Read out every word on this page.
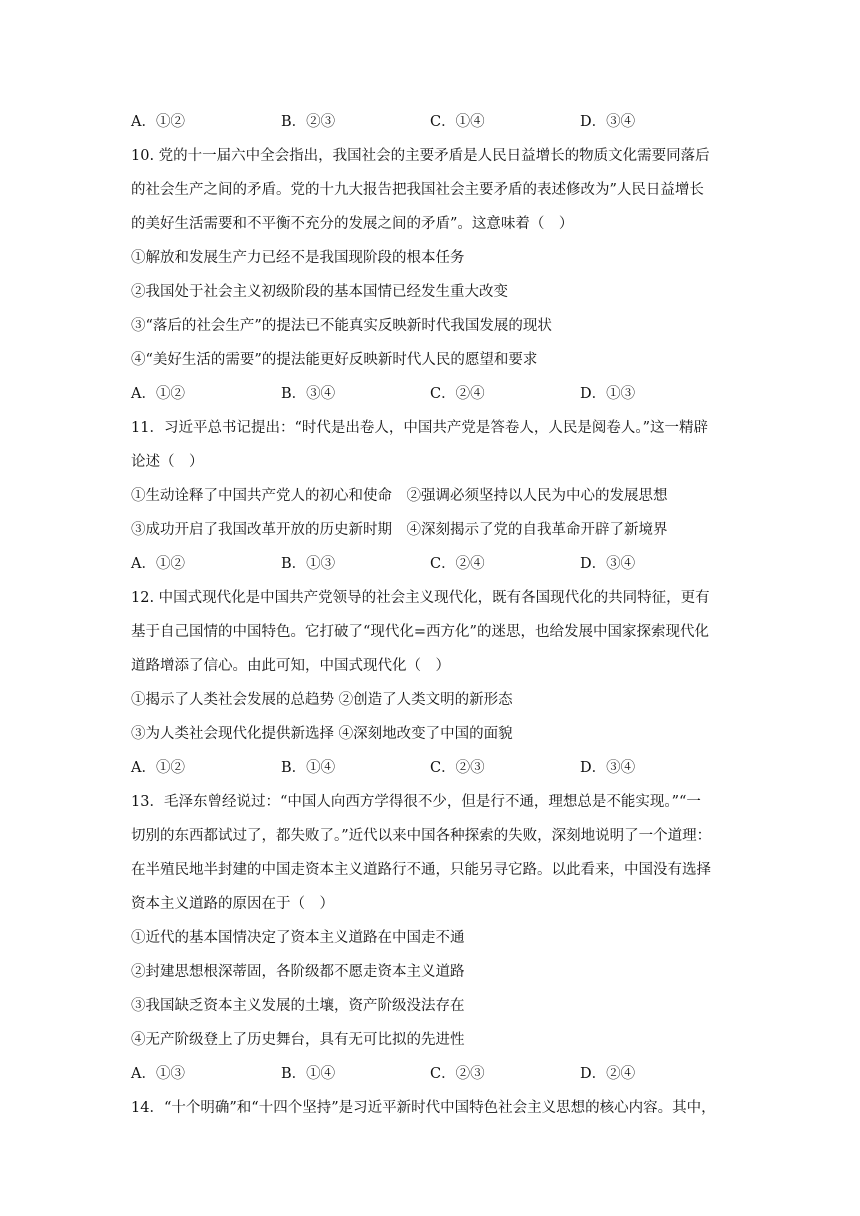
A．①②	B．②③	C．①④	D．③④
10. 党的十一届六中全会指出，我国社会的主要矛盾是人民日益增长的物质文化需要同落后
的社会生产之间的矛盾。党的十九大报告把我国社会主要矛盾的表述修改为”人民日益增长
的美好生活需要和不平衡不充分的发展之间的矛盾”。这意味着（　）
①解放和发展生产力已经不是我国现阶段的根本任务
②我国处于社会主义初级阶段的基本国情已经发生重大改变
③“落后的社会生产”的提法已不能真实反映新时代我国发展的现状
④“美好生活的需要”的提法能更好反映新时代人民的愿望和要求
A．①②	B．③④	C．②④	D．①③
11．习近平总书记提出：“时代是出卷人，中国共产党是答卷人，人民是阅卷人。”这一精辟
论述（　）
①生动诠释了中国共产党人的初心和使命　②强调必须坚持以人民为中心的发展思想
③成功开启了我国改革开放的历史新时期　④深刻揭示了党的自我革命开辟了新境界
A．①②	B．①③	C．②④	D．③④
12. 中国式现代化是中国共产党领导的社会主义现代化，既有各国现代化的共同特征，更有
基于自己国情的中国特色。它打破了“现代化=西方化”的迷思，也给发展中国家探索现代化
道路增添了信心。由此可知，中国式现代化（　）
①揭示了人类社会发展的总趋势 ②创造了人类文明的新形态
③为人类社会现代化提供新选择 ④深刻地改变了中国的面貌
A．①②	B．①④	C．②③	D．③④
13．毛泽东曾经说过：“中国人向西方学得很不少，但是行不通，理想总是不能实现。”“一
切别的东西都试过了，都失败了。”近代以来中国各种探索的失败，深刻地说明了一个道理：
在半殖民地半封建的中国走资本主义道路行不通，只能另寻它路。以此看来，中国没有选择
资本主义道路的原因在于（　）
①近代的基本国情决定了资本主义道路在中国走不通
②封建思想根深蒂固，各阶级都不愿走资本主义道路
③我国缺乏资本主义发展的土壤，资产阶级没法存在
④无产阶级登上了历史舞台，具有无可比拟的先进性
A．①③	B．①④	C．②③	D．②④
14．“十个明确”和“十四个坚持”是习近平新时代中国特色社会主义思想的核心内容。其中，
